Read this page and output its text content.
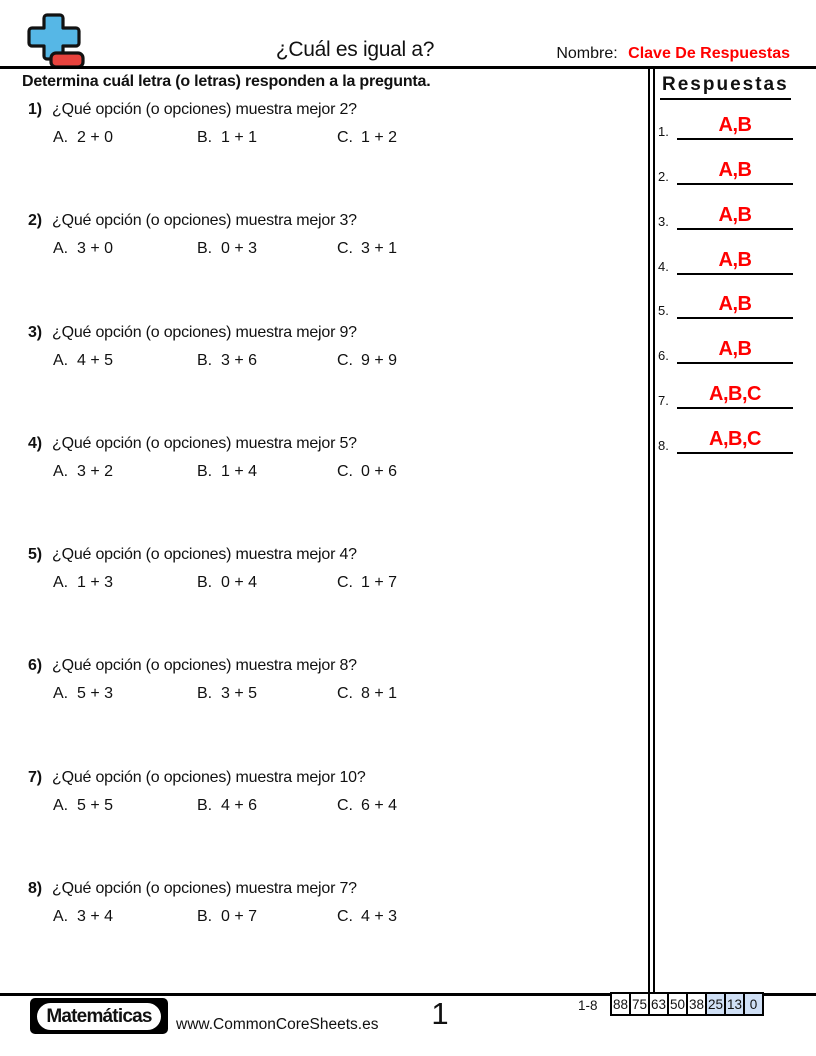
¿Cuál es igual a?	Nombre: Clave De Respuestas
Determina cuál letra (o letras) responden a la pregunta.
1) ¿Qué opción (o opciones) muestra mejor 2?
A. 2 + 0	B. 1 + 1	C. 1 + 2
2) ¿Qué opción (o opciones) muestra mejor 3?
A. 3 + 0	B. 0 + 3	C. 3 + 1
3) ¿Qué opción (o opciones) muestra mejor 9?
A. 4 + 5	B. 3 + 6	C. 9 + 9
4) ¿Qué opción (o opciones) muestra mejor 5?
A. 3 + 2	B. 1 + 4	C. 0 + 6
5) ¿Qué opción (o opciones) muestra mejor 4?
A. 1 + 3	B. 0 + 4	C. 1 + 7
6) ¿Qué opción (o opciones) muestra mejor 8?
A. 5 + 3	B. 3 + 5	C. 8 + 1
7) ¿Qué opción (o opciones) muestra mejor 10?
A. 5 + 5	B. 4 + 6	C. 6 + 4
8) ¿Qué opción (o opciones) muestra mejor 7?
A. 3 + 4	B. 0 + 7	C. 4 + 3
Respuestas
1.	A,B
2.	A,B
3.	A,B
4.	A,B
5.	A,B
6.	A,B
7.	A,B,C
8.	A,B,C
Matemáticas	www.CommonCoreSheets.es	1	1-8 88 75 63 50 38 25 13 0
